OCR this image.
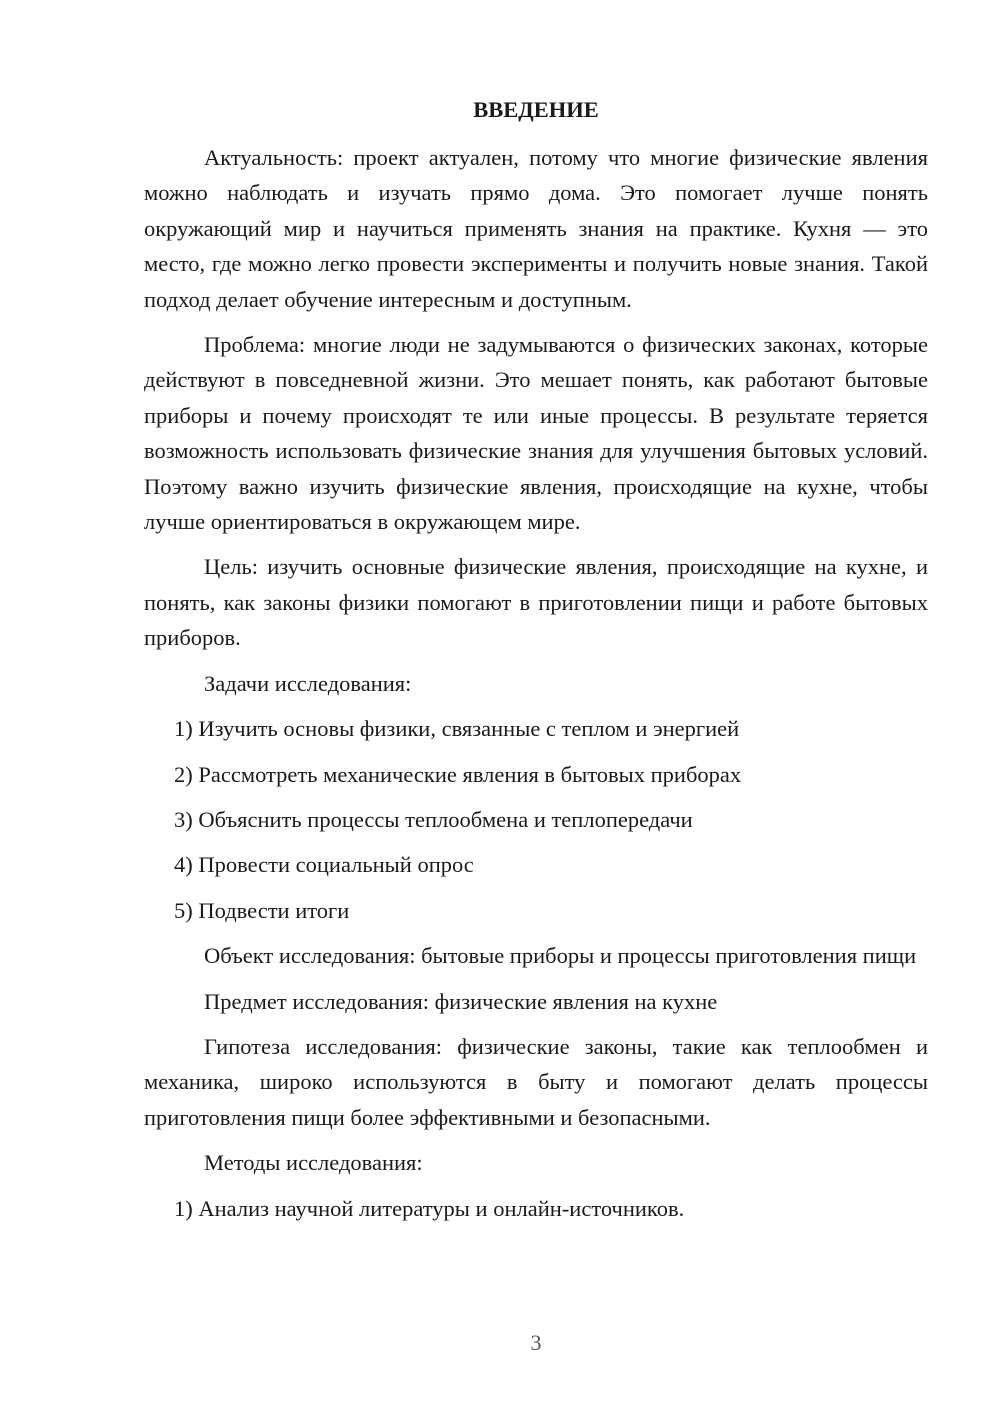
ВВЕДЕНИЕ

Актуальность: проект актуален, потому что многие физические явления можно наблюдать и изучать прямо дома. Это помогает лучше понять окружающий мир и научиться применять знания на практике. Кухня — это место, где можно легко провести эксперименты и получить новые знания. Такой подход делает обучение интересным и доступным.

Проблема: многие люди не задумываются о физических законах, которые действуют в повседневной жизни. Это мешает понять, как работают бытовые приборы и почему происходят те или иные процессы. В результате теряется возможность использовать физические знания для улучшения бытовых условий. Поэтому важно изучить физические явления, происходящие на кухне, чтобы лучше ориентироваться в окружающем мире.

Цель: изучить основные физические явления, происходящие на кухне, и понять, как законы физики помогают в приготовлении пищи и работе бытовых приборов.

Задачи исследования:

1) Изучить основы физики, связанные с теплом и энергией
2) Рассмотреть механические явления в бытовых приборах
3) Объяснить процессы теплообмена и теплопередачи
4) Провести социальный опрос
5) Подвести итоги

Объект исследования: бытовые приборы и процессы приготовления пищи

Предмет исследования: физические явления на кухне

Гипотеза исследования: физические законы, такие как теплообмен и механика, широко используются в быту и помогают делать процессы приготовления пищи более эффективными и безопасными.

Методы исследования:

1) Анализ научной литературы и онлайн-источников.
3
